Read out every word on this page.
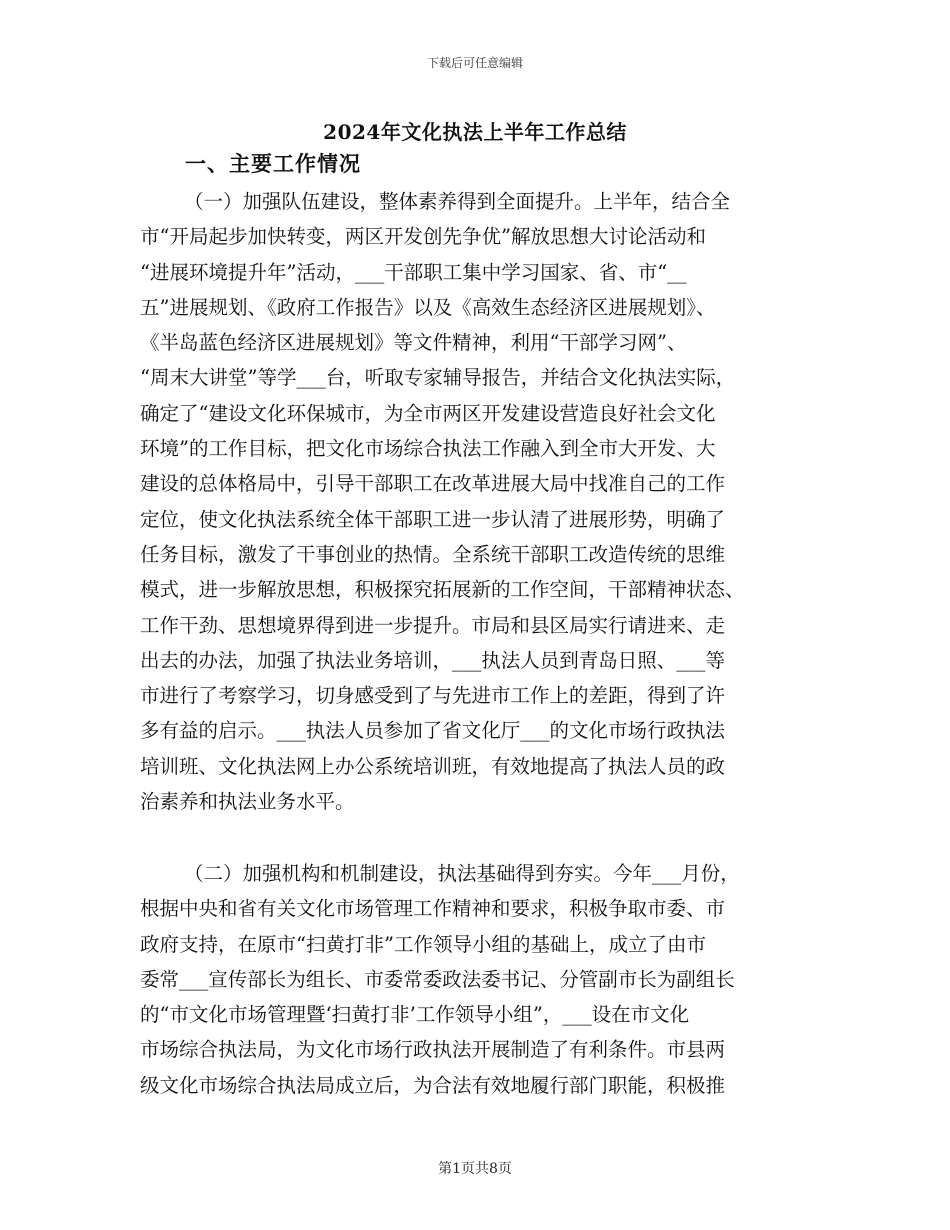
下载后可任意编辑
2024年文化执法上半年工作总结
一、主要工作情况
（一）加强队伍建设，整体素养得到全面提升。上半年，结合全
市“开局起步加快转变，两区开发创先争优”解放思想大讨论活动和
“进展环境提升年”活动，___干部职工集中学习国家、省、市“__
五”进展规划、《政府工作报告》以及《高效生态经济区进展规划》、
《半岛蓝色经济区进展规划》等文件精神，利用“干部学习网”、
“周末大讲堂”等学___台，听取专家辅导报告，并结合文化执法实际，
确定了“建设文化环保城市，为全市两区开发建设营造良好社会文化
环境”的工作目标，把文化市场综合执法工作融入到全市大开发、大
建设的总体格局中，引导干部职工在改革进展大局中找准自己的工作
定位，使文化执法系统全体干部职工进一步认清了进展形势，明确了
任务目标，激发了干事创业的热情。全系统干部职工改造传统的思维
模式，进一步解放思想，积极探究拓展新的工作空间，干部精神状态、
工作干劲、思想境界得到进一步提升。市局和县区局实行请进来、走
出去的办法，加强了执法业务培训，___执法人员到青岛日照、___等
市进行了考察学习，切身感受到了与先进市工作上的差距，得到了许
多有益的启示。___执法人员参加了省文化厅___的文化市场行政执法
培训班、文化执法网上办公系统培训班，有效地提高了执法人员的政
治素养和执法业务水平。
（二）加强机构和机制建设，执法基础得到夯实。今年___月份，
根据中央和省有关文化市场管理工作精神和要求，积极争取市委、市
政府支持，在原市“扫黄打非”工作领导小组的基础上，成立了由市
委常___宣传部长为组长、市委常委政法委书记、分管副市长为副组长
的“市文化市场管理暨‘扫黄打非’工作领导小组”，___设在市文化
市场综合执法局，为文化市场行政执法开展制造了有利条件。市县两
级文化市场综合执法局成立后，为合法有效地履行部门职能，积极推
第1页共8页
